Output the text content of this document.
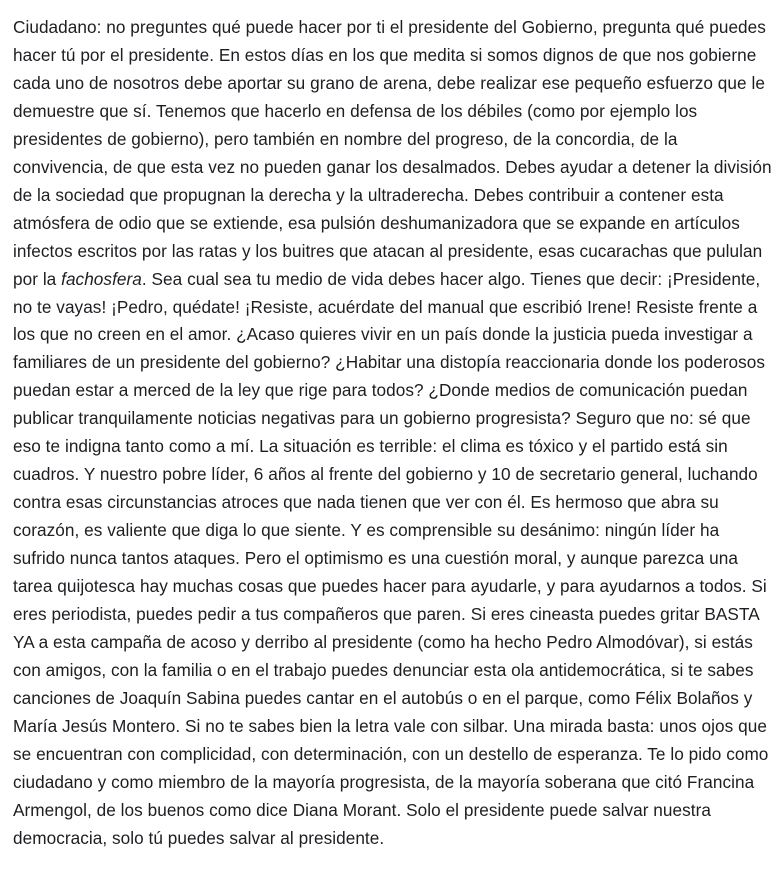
Ciudadano: no preguntes qué puede hacer por ti el presidente del Gobierno, pregunta qué puedes hacer tú por el presidente. En estos días en los que medita si somos dignos de que nos gobierne cada uno de nosotros debe aportar su grano de arena, debe realizar ese pequeño esfuerzo que le demuestre que sí. Tenemos que hacerlo en defensa de los débiles (como por ejemplo los presidentes de gobierno), pero también en nombre del progreso, de la concordia, de la convivencia, de que esta vez no pueden ganar los desalmados. Debes ayudar a detener la división de la sociedad que propugnan la derecha y la ultraderecha. Debes contribuir a contener esta atmósfera de odio que se extiende, esa pulsión deshumanizadora que se expande en artículos infectos escritos por las ratas y los buitres que atacan al presidente, esas cucarachas que pululan por la fachosfera. Sea cual sea tu medio de vida debes hacer algo. Tienes que decir: ¡Presidente, no te vayas! ¡Pedro, quédate! ¡Resiste, acuérdate del manual que escribió Irene! Resiste frente a los que no creen en el amor. ¿Acaso quieres vivir en un país donde la justicia pueda investigar a familiares de un presidente del gobierno? ¿Habitar una distopía reaccionaria donde los poderosos puedan estar a merced de la ley que rige para todos? ¿Donde medios de comunicación puedan publicar tranquilamente noticias negativas para un gobierno progresista? Seguro que no: sé que eso te indigna tanto como a mí. La situación es terrible: el clima es tóxico y el partido está sin cuadros. Y nuestro pobre líder, 6 años al frente del gobierno y 10 de secretario general, luchando contra esas circunstancias atroces que nada tienen que ver con él. Es hermoso que abra su corazón, es valiente que diga lo que siente. Y es comprensible su desánimo: ningún líder ha sufrido nunca tantos ataques. Pero el optimismo es una cuestión moral, y aunque parezca una tarea quijotesca hay muchas cosas que puedes hacer para ayudarle, y para ayudarnos a todos. Si eres periodista, puedes pedir a tus compañeros que paren. Si eres cineasta puedes gritar BASTA YA a esta campaña de acoso y derribo al presidente (como ha hecho Pedro Almodóvar), si estás con amigos, con la familia o en el trabajo puedes denunciar esta ola antidemocrática, si te sabes canciones de Joaquín Sabina puedes cantar en el autobús o en el parque, como Félix Bolaños y María Jesús Montero. Si no te sabes bien la letra vale con silbar. Una mirada basta: unos ojos que se encuentran con complicidad, con determinación, con un destello de esperanza. Te lo pido como ciudadano y como miembro de la mayoría progresista, de la mayoría soberana que citó Francina Armengol, de los buenos como dice Diana Morant. Solo el presidente puede salvar nuestra democracia, solo tú puedes salvar al presidente.
